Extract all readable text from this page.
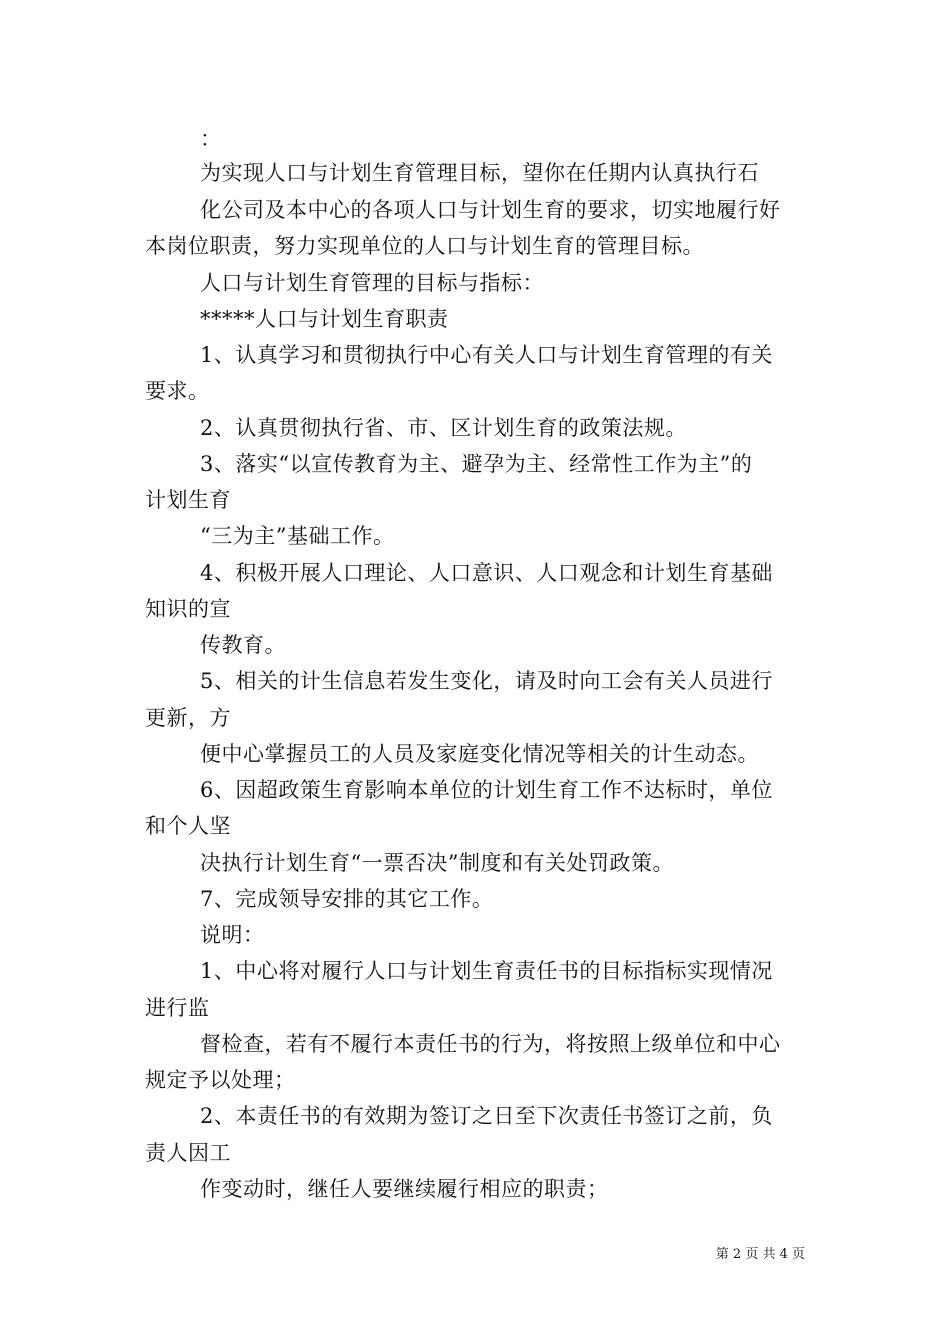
：
为实现人口与计划生育管理目标，望你在任期内认真执行石
化公司及本中心的各项人口与计划生育的要求，切实地履行好
本岗位职责，努力实现单位的人口与计划生育的管理目标。
人口与计划生育管理的目标与指标：
*****人口与计划生育职责
1、认真学习和贯彻执行中心有关人口与计划生育管理的有关
要求。
2、认真贯彻执行省、市、区计划生育的政策法规。
3、落实“以宣传教育为主、避孕为主、经常性工作为主”的
计划生育
“三为主”基础工作。
4、积极开展人口理论、人口意识、人口观念和计划生育基础
知识的宣
传教育。
5、相关的计生信息若发生变化，请及时向工会有关人员进行
更新，方
便中心掌握员工的人员及家庭变化情况等相关的计生动态。
6、因超政策生育影响本单位的计划生育工作不达标时，单位
和个人坚
决执行计划生育“一票否决”制度和有关处罚政策。
7、完成领导安排的其它工作。
说明：
1、中心将对履行人口与计划生育责任书的目标指标实现情况
进行监
督检查，若有不履行本责任书的行为，将按照上级单位和中心
规定予以处理；
2、本责任书的有效期为签订之日至下次责任书签订之前，负
责人因工
作变动时，继任人要继续履行相应的职责；
第 2 页 共 4 页
